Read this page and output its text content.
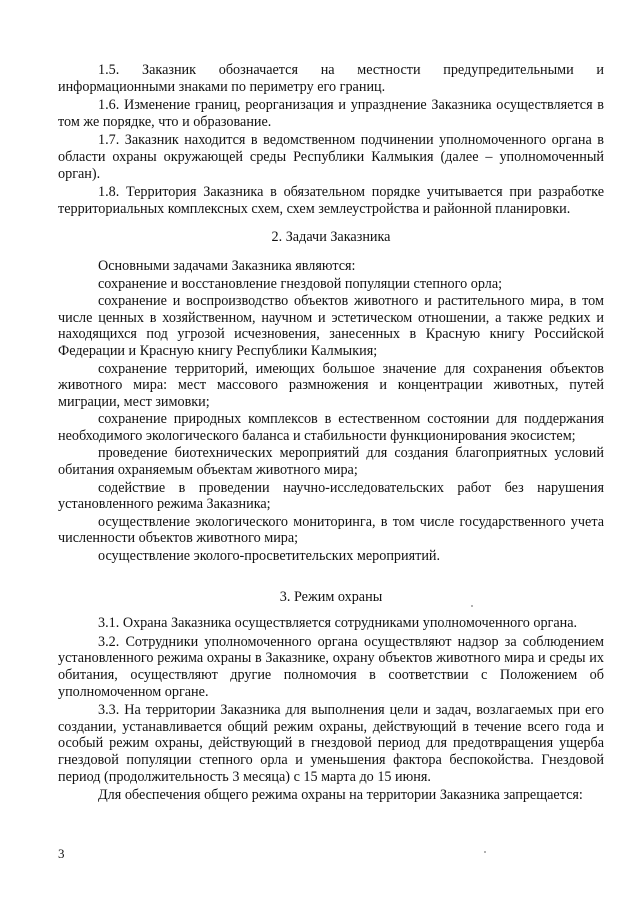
1.5. Заказник обозначается на местности предупредительными и информационными знаками по периметру его границ.

1.6. Изменение границ, реорганизация и упразднение Заказника осуществляется в том же порядке, что и образование.

1.7. Заказник находится в ведомственном подчинении уполномоченного органа в области охраны окружающей среды Республики Калмыкия (далее – уполномоченный орган).

1.8. Территория Заказника в обязательном порядке учитывается при разработке территориальных комплексных схем, схем землеустройства и районной планировки.

2. Задачи Заказника

Основными задачами Заказника являются:

сохранение и восстановление гнездовой популяции степного орла;

сохранение и воспроизводство объектов животного и растительного мира, в том числе ценных в хозяйственном, научном и эстетическом отношении, а также редких и находящихся под угрозой исчезновения, занесенных в Красную книгу Российской Федерации и Красную книгу Республики Калмыкия;

сохранение территорий, имеющих большое значение для сохранения объектов животного мира: мест массового размножения и концентрации животных, путей миграции, мест зимовки;

сохранение природных комплексов в естественном состоянии для поддержания необходимого экологического баланса и стабильности функционирования экосистем;

проведение биотехнических мероприятий для создания благоприятных условий обитания охраняемым объектам животного мира;

содействие в проведении научно-исследовательских работ без нарушения установленного режима Заказника;

осуществление экологического мониторинга, в том числе государственного учета численности объектов животного мира;

осуществление эколого-просветительских мероприятий.

3. Режим охраны

3.1. Охрана Заказника осуществляется сотрудниками уполномоченного органа.

3.2. Сотрудники уполномоченного органа осуществляют надзор за соблюдением установленного режима охраны в Заказнике, охрану объектов животного мира и среды их обитания, осуществляют другие полномочия в соответствии с Положением об уполномоченном органе.

3.3. На территории Заказника для выполнения цели и задач, возлагаемых при его создании, устанавливается общий режим охраны, действующий в течение всего года и особый режим охраны, действующий в гнездовой период для предотвращения ущерба гнездовой популяции степного орла и уменьшения фактора беспокойства. Гнездовой период (продолжительность 3 месяца) с 15 марта до 15 июня.

Для обеспечения общего режима охраны на территории Заказника запрещается:

3
